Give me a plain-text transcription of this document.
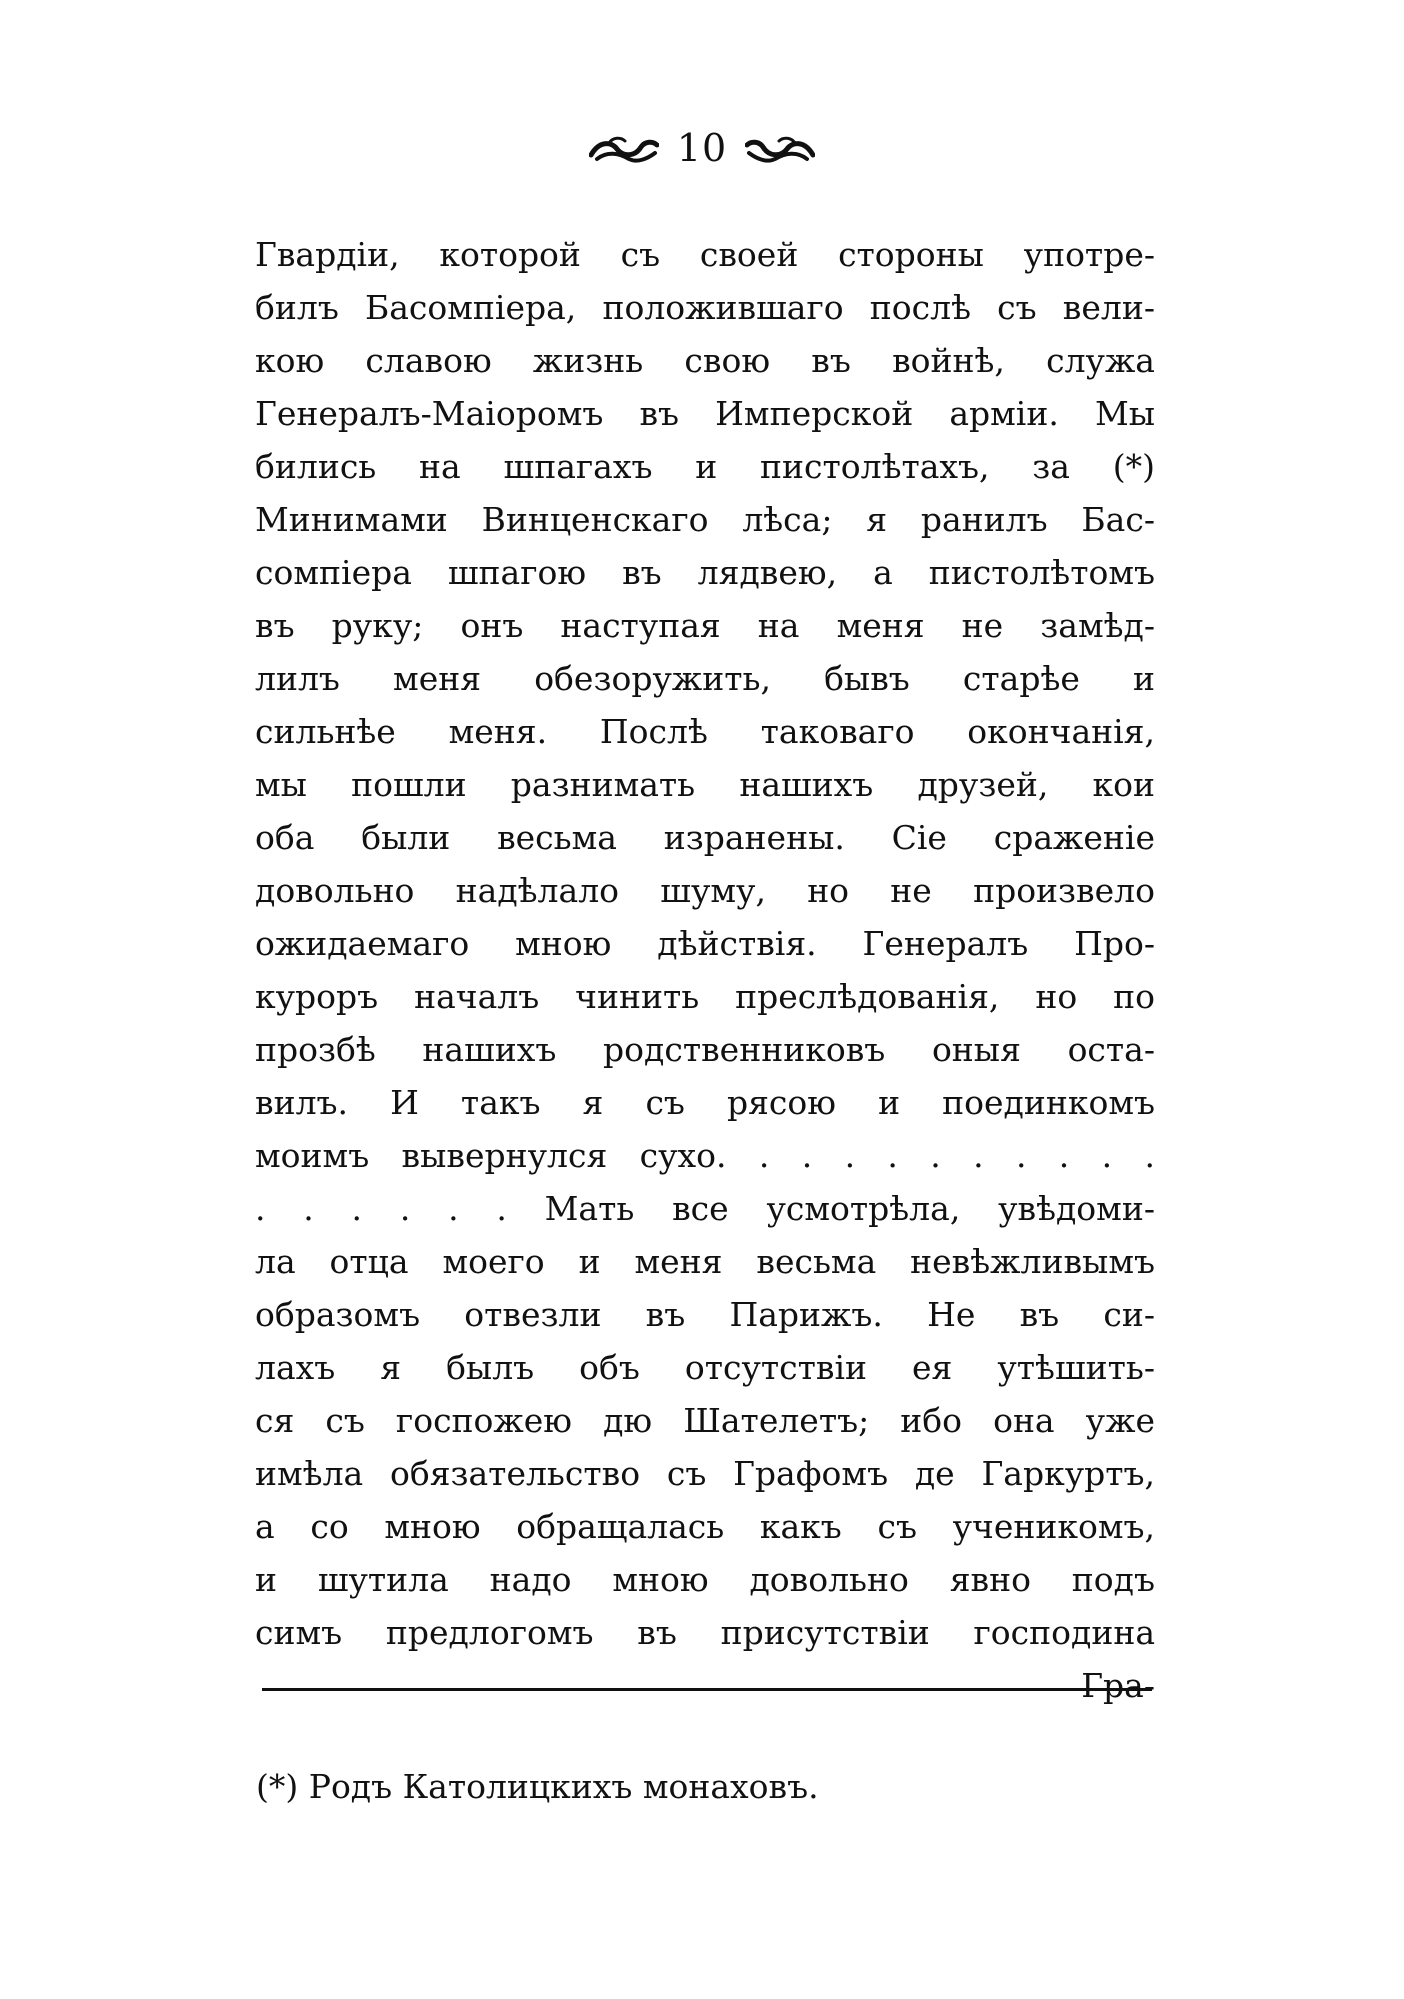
10
Гвардіи, которой съ своей стороны употре-
билъ Басомпіера, положившаго послѣ съ вели-
кою славою жизнь свою въ войнѣ, служа
Генералъ-Маіоромъ въ Имперской арміи. Мы
бились на шпагахъ и пистолѣтахъ, за (*)
Минимами Винценскаго лѣса; я ранилъ Бас-
сомпіера шпагою въ лядвею, а пистолѣтомъ
въ руку; онъ наступая на меня не замѣд-
лилъ меня обезоружить, бывъ старѣе и
сильнѣе меня. Послѣ таковаго окончанія,
мы пошли разнимать нашихъ друзей, кои
оба были весьма изранены. Сіе сраженіе
довольно надѣлало шуму, но не произвело
ожидаемаго мною дѣйствія. Генералъ Про-
куроръ началъ чинить преслѣдованія, но по
прозбѣ нашихъ родственниковъ оныя оста-
вилъ. И такъ я съ рясою и поединкомъ
моимъ вывернулся сухо. . . . . . . . . . .
. . . . . . Мать все усмотрѣла, увѣдоми-
ла отца моего и меня весьма невѣжливымъ
образомъ отвезли въ Парижъ. Не въ си-
лахъ я былъ объ отсутствіи ея утѣшить-
ся съ госпожею дю Шателетъ; ибо она уже
имѣла обязательство съ Графомъ де Гаркуртъ,
а со мною обращалась какъ съ ученикомъ,
и шутила надо мною довольно явно подъ
симъ предлогомъ въ присутствіи господина
Гра-
(*) Родъ Католицкихъ монаховъ.
